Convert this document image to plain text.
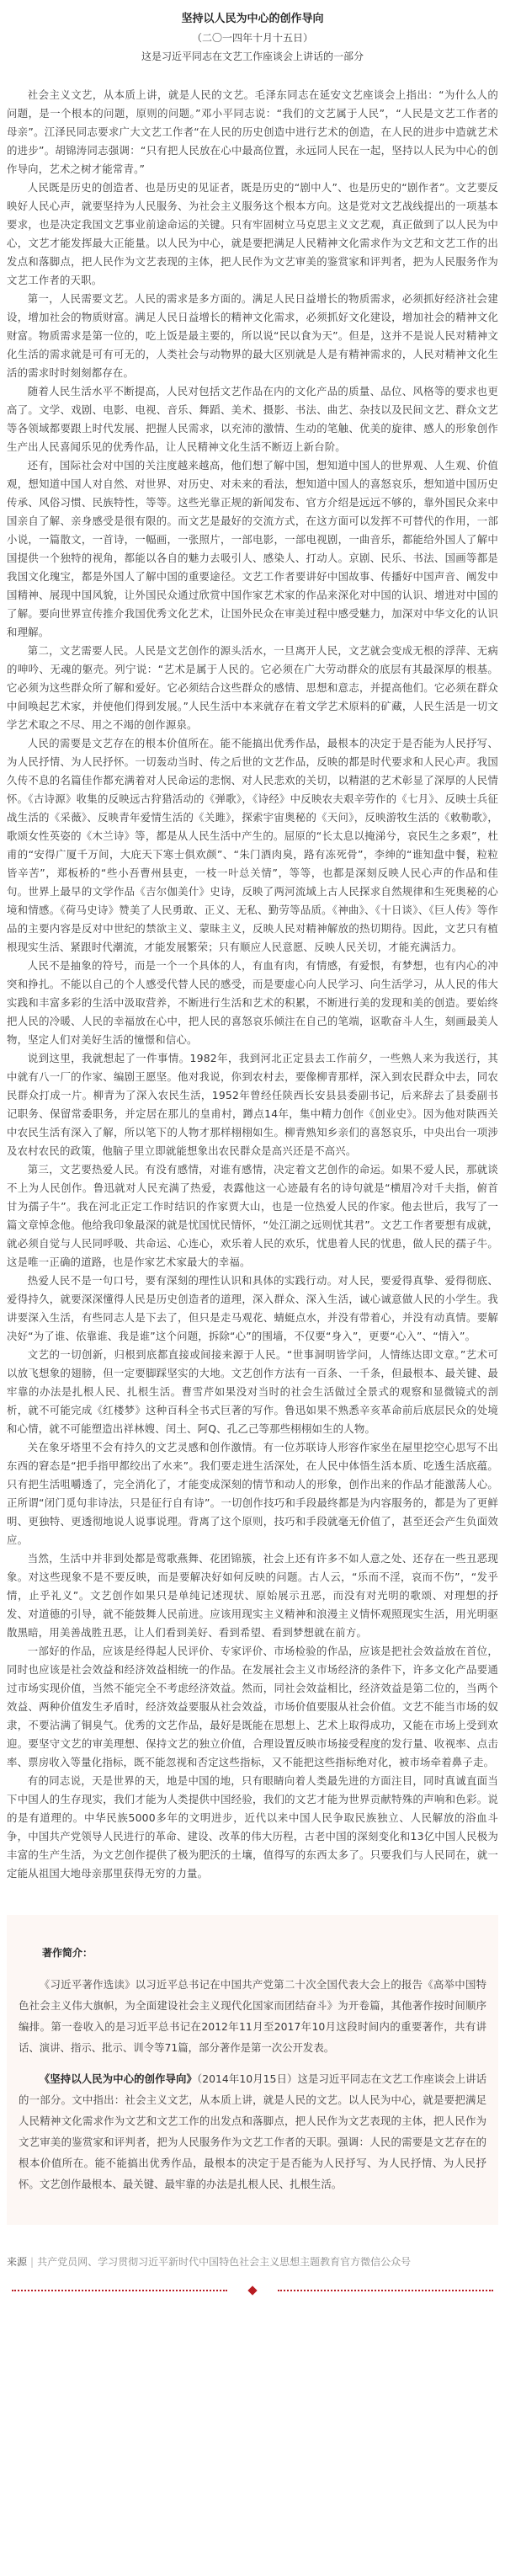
坚持以人民为中心的创作导向

（二〇一四年十月十五日）

这是习近平同志在文艺工作座谈会上讲话的一部分

社会主义文艺，从本质上讲，就是人民的文艺。毛泽东同志在延安文艺座谈会上指出：“为什么人的问题，是一个根本的问题，原则的问题。”邓小平同志说：“我们的文艺属于人民”，“人民是文艺工作者的母亲”。江泽民同志要求广大文艺工作者“在人民的历史创造中进行艺术的创造，在人民的进步中造就艺术的进步”。胡锦涛同志强调：“只有把人民放在心中最高位置，永远同人民在一起，坚持以人民为中心的创作导向，艺术之树才能常青。”

人民既是历史的创造者、也是历史的见证者，既是历史的“剧中人”、也是历史的“剧作者”。文艺要反映好人民心声，就要坚持为人民服务、为社会主义服务这个根本方向。这是党对文艺战线提出的一项基本要求，也是决定我国文艺事业前途命运的关键。只有牢固树立马克思主义文艺观，真正做到了以人民为中心，文艺才能发挥最大正能量。以人民为中心，就是要把满足人民精神文化需求作为文艺和文艺工作的出发点和落脚点，把人民作为文艺表现的主体，把人民作为文艺审美的鉴赏家和评判者，把为人民服务作为文艺工作者的天职。

第一，人民需要文艺。人民的需求是多方面的。满足人民日益增长的物质需求，必须抓好经济社会建设，增加社会的物质财富。满足人民日益增长的精神文化需求，必须抓好文化建设，增加社会的精神文化财富。物质需求是第一位的，吃上饭是最主要的，所以说“民以食为天”。但是，这并不是说人民对精神文化生活的需求就是可有可无的，人类社会与动物界的最大区别就是人是有精神需求的，人民对精神文化生活的需求时时刻刻都存在。

随着人民生活水平不断提高，人民对包括文艺作品在内的文化产品的质量、品位、风格等的要求也更高了。文学、戏剧、电影、电视、音乐、舞蹈、美术、摄影、书法、曲艺、杂技以及民间文艺、群众文艺等各领域都要跟上时代发展、把握人民需求，以充沛的激情、生动的笔触、优美的旋律、感人的形象创作生产出人民喜闻乐见的优秀作品，让人民精神文化生活不断迈上新台阶。

还有，国际社会对中国的关注度越来越高，他们想了解中国，想知道中国人的世界观、人生观、价值观，想知道中国人对自然、对世界、对历史、对未来的看法，想知道中国人的喜怒哀乐，想知道中国历史传承、风俗习惯、民族特性，等等。这些光靠正规的新闻发布、官方介绍是远远不够的，靠外国民众来中国亲自了解、亲身感受是很有限的。而文艺是最好的交流方式，在这方面可以发挥不可替代的作用，一部小说，一篇散文，一首诗，一幅画，一张照片，一部电影，一部电视剧，一曲音乐，都能给外国人了解中国提供一个独特的视角，都能以各自的魅力去吸引人、感染人、打动人。京剧、民乐、书法、国画等都是我国文化瑰宝，都是外国人了解中国的重要途径。文艺工作者要讲好中国故事、传播好中国声音、阐发中国精神、展现中国风貌，让外国民众通过欣赏中国作家艺术家的作品来深化对中国的认识、增进对中国的了解。要向世界宣传推介我国优秀文化艺术，让国外民众在审美过程中感受魅力，加深对中华文化的认识和理解。

第二，文艺需要人民。人民是文艺创作的源头活水，一旦离开人民，文艺就会变成无根的浮萍、无病的呻吟、无魂的躯壳。列宁说：“艺术是属于人民的。它必须在广大劳动群众的底层有其最深厚的根基。它必须为这些群众所了解和爱好。它必须结合这些群众的感情、思想和意志，并提高他们。它必须在群众中间唤起艺术家，并使他们得到发展。”人民生活中本来就存在着文学艺术原料的矿藏，人民生活是一切文学艺术取之不尽、用之不竭的创作源泉。

人民的需要是文艺存在的根本价值所在。能不能搞出优秀作品，最根本的决定于是否能为人民抒写、为人民抒情、为人民抒怀。一切轰动当时、传之后世的文艺作品，反映的都是时代要求和人民心声。我国久传不息的名篇佳作都充满着对人民命运的悲悯、对人民悲欢的关切，以精湛的艺术彰显了深厚的人民情怀。《古诗源》收集的反映远古狩猎活动的《弹歌》，《诗经》中反映农夫艰辛劳作的《七月》、反映士兵征战生活的《采薇》、反映青年爱情生活的《关雎》，探索宇宙奥秘的《天问》，反映游牧生活的《敕勒歌》，歌颂女性英姿的《木兰诗》等，都是从人民生活中产生的。屈原的“长太息以掩涕兮，哀民生之多艰”，杜甫的“安得广厦千万间，大庇天下寒士俱欢颜”、“朱门酒肉臭，路有冻死骨”，李绅的“谁知盘中餐，粒粒皆辛苦”，郑板桥的“些小吾曹州县吏，一枝一叶总关情”，等等，也都是深刻反映人民心声的作品和佳句。世界上最早的文学作品《吉尔伽美什》史诗，反映了两河流域上古人民探求自然规律和生死奥秘的心境和情感。《荷马史诗》赞美了人民勇敢、正义、无私、勤劳等品质。《神曲》、《十日谈》、《巨人传》等作品的主要内容是反对中世纪的禁欲主义、蒙昧主义，反映人民对精神解放的热切期待。因此，文艺只有植根现实生活、紧跟时代潮流，才能发展繁荣；只有顺应人民意愿、反映人民关切，才能充满活力。

人民不是抽象的符号，而是一个一个具体的人，有血有肉，有情感，有爱恨，有梦想，也有内心的冲突和挣扎。不能以自己的个人感受代替人民的感受，而是要虚心向人民学习、向生活学习，从人民的伟大实践和丰富多彩的生活中汲取营养，不断进行生活和艺术的积累，不断进行美的发现和美的创造。要始终把人民的冷暖、人民的幸福放在心中，把人民的喜怒哀乐倾注在自己的笔端，讴歌奋斗人生，刻画最美人物，坚定人们对美好生活的憧憬和信心。

说到这里，我就想起了一件事情。1982年，我到河北正定县去工作前夕，一些熟人来为我送行，其中就有八一厂的作家、编剧王愿坚。他对我说，你到农村去，要像柳青那样，深入到农民群众中去，同农民群众打成一片。柳青为了深入农民生活，1952年曾经任陕西长安县县委副书记，后来辞去了县委副书记职务、保留常委职务，并定居在那儿的皇甫村，蹲点14年，集中精力创作《创业史》。因为他对陕西关中农民生活有深入了解，所以笔下的人物才那样栩栩如生。柳青熟知乡亲们的喜怒哀乐，中央出台一项涉及农村农民的政策，他脑子里立即就能想象出农民群众是高兴还是不高兴。

第三，文艺要热爱人民。有没有感情，对谁有感情，决定着文艺创作的命运。如果不爱人民，那就谈不上为人民创作。鲁迅就对人民充满了热爱，表露他这一心迹最有名的诗句就是“横眉冷对千夫指，俯首甘为孺子牛”。我在河北正定工作时结识的作家贾大山，也是一位热爱人民的作家。他去世后，我写了一篇文章悼念他。他给我印象最深的就是忧国忧民情怀，“处江湖之远则忧其君”。文艺工作者要想有成就，就必须自觉与人民同呼吸、共命运、心连心，欢乐着人民的欢乐，忧患着人民的忧患，做人民的孺子牛。这是唯一正确的道路，也是作家艺术家最大的幸福。

热爱人民不是一句口号，要有深刻的理性认识和具体的实践行动。对人民，要爱得真挚、爱得彻底、爱得持久，就要深深懂得人民是历史创造者的道理，深入群众、深入生活，诚心诚意做人民的小学生。我讲要深入生活，有些同志人是下去了，但只是走马观花、蜻蜓点水，并没有带着心，并没有动真情。要解决好“为了谁、依靠谁、我是谁”这个问题，拆除“心”的围墙，不仅要“身入”，更要“心入”、“情入”。

文艺的一切创新，归根到底都直接或间接来源于人民。“世事洞明皆学问，人情练达即文章。”艺术可以放飞想象的翅膀，但一定要脚踩坚实的大地。文艺创作方法有一百条、一千条，但最根本、最关键、最牢靠的办法是扎根人民、扎根生活。曹雪芹如果没对当时的社会生活做过全景式的观察和显微镜式的剖析，就不可能完成《红楼梦》这种百科全书式巨著的写作。鲁迅如果不熟悉辛亥革命前后底层民众的处境和心情，就不可能塑造出祥林嫂、闰土、阿Q、孔乙己等那些栩栩如生的人物。

关在象牙塔里不会有持久的文艺灵感和创作激情。有一位苏联诗人形容作家坐在屋里挖空心思写不出东西的窘态是“把手指甲都绞出了水来”。我们要走进生活深处，在人民中体悟生活本质、吃透生活底蕴。只有把生活咀嚼透了，完全消化了，才能变成深刻的情节和动人的形象，创作出来的作品才能激荡人心。正所谓“闭门觅句非诗法，只是征行自有诗”。一切创作技巧和手段最终都是为内容服务的，都是为了更鲜明、更独特、更透彻地说人说事说理。背离了这个原则，技巧和手段就毫无价值了，甚至还会产生负面效应。

当然，生活中并非到处都是莺歌燕舞、花团锦簇，社会上还有许多不如人意之处、还存在一些丑恶现象。对这些现象不是不要反映，而是要解决好如何反映的问题。古人云，“乐而不淫，哀而不伤”，“发乎情，止乎礼义”。文艺创作如果只是单纯记述现状、原始展示丑恶，而没有对光明的歌颂、对理想的抒发、对道德的引导，就不能鼓舞人民前进。应该用现实主义精神和浪漫主义情怀观照现实生活，用光明驱散黑暗，用美善战胜丑恶，让人们看到美好、看到希望、看到梦想就在前方。

一部好的作品，应该是经得起人民评价、专家评价、市场检验的作品，应该是把社会效益放在首位，同时也应该是社会效益和经济效益相统一的作品。在发展社会主义市场经济的条件下，许多文化产品要通过市场实现价值，当然不能完全不考虑经济效益。然而，同社会效益相比，经济效益是第二位的，当两个效益、两种价值发生矛盾时，经济效益要服从社会效益，市场价值要服从社会价值。文艺不能当市场的奴隶，不要沾满了铜臭气。优秀的文艺作品，最好是既能在思想上、艺术上取得成功，又能在市场上受到欢迎。要坚守文艺的审美理想、保持文艺的独立价值，合理设置反映市场接受程度的发行量、收视率、点击率、票房收入等量化指标，既不能忽视和否定这些指标，又不能把这些指标绝对化，被市场牵着鼻子走。

有的同志说，天是世界的天，地是中国的地，只有眼睛向着人类最先进的方面注目，同时真诚直面当下中国人的生存现实，我们才能为人类提供中国经验，我们的文艺才能为世界贡献特殊的声响和色彩。说的是有道理的。中华民族5000多年的文明进步，近代以来中国人民争取民族独立、人民解放的浴血斗争，中国共产党领导人民进行的革命、建设、改革的伟大历程，古老中国的深刻变化和13亿中国人民极为丰富的生产生活，为文艺创作提供了极为肥沃的土壤，值得写的东西太多了。只要我们与人民同在，就一定能从祖国大地母亲那里获得无穷的力量。

著作简介：

《习近平著作选读》以习近平总书记在中国共产党第二十次全国代表大会上的报告《高举中国特色社会主义伟大旗帜，为全面建设社会主义现代化国家而团结奋斗》为开卷篇，其他著作按时间顺序编排。第一卷收入的是习近平总书记在2012年11月至2017年10月这段时间内的重要著作，共有讲话、演讲、指示、批示、训令等71篇，部分著作是第一次公开发表。

《坚持以人民为中心的创作导向》（2014年10月15日）这是习近平同志在文艺工作座谈会上讲话的一部分。文中指出：社会主义文艺，从本质上讲，就是人民的文艺。以人民为中心，就是要把满足人民精神文化需求作为文艺和文艺工作的出发点和落脚点，把人民作为文艺表现的主体，把人民作为文艺审美的鉴赏家和评判者，把为人民服务作为文艺工作者的天职。强调：人民的需要是文艺存在的根本价值所在。能不能搞出优秀作品，最根本的决定于是否能为人民抒写、为人民抒情、为人民抒怀。文艺创作最根本、最关键、最牢靠的办法是扎根人民、扎根生活。

来源 | 共产党员网、学习贯彻习近平新时代中国特色社会主义思想主题教育官方微信公众号
